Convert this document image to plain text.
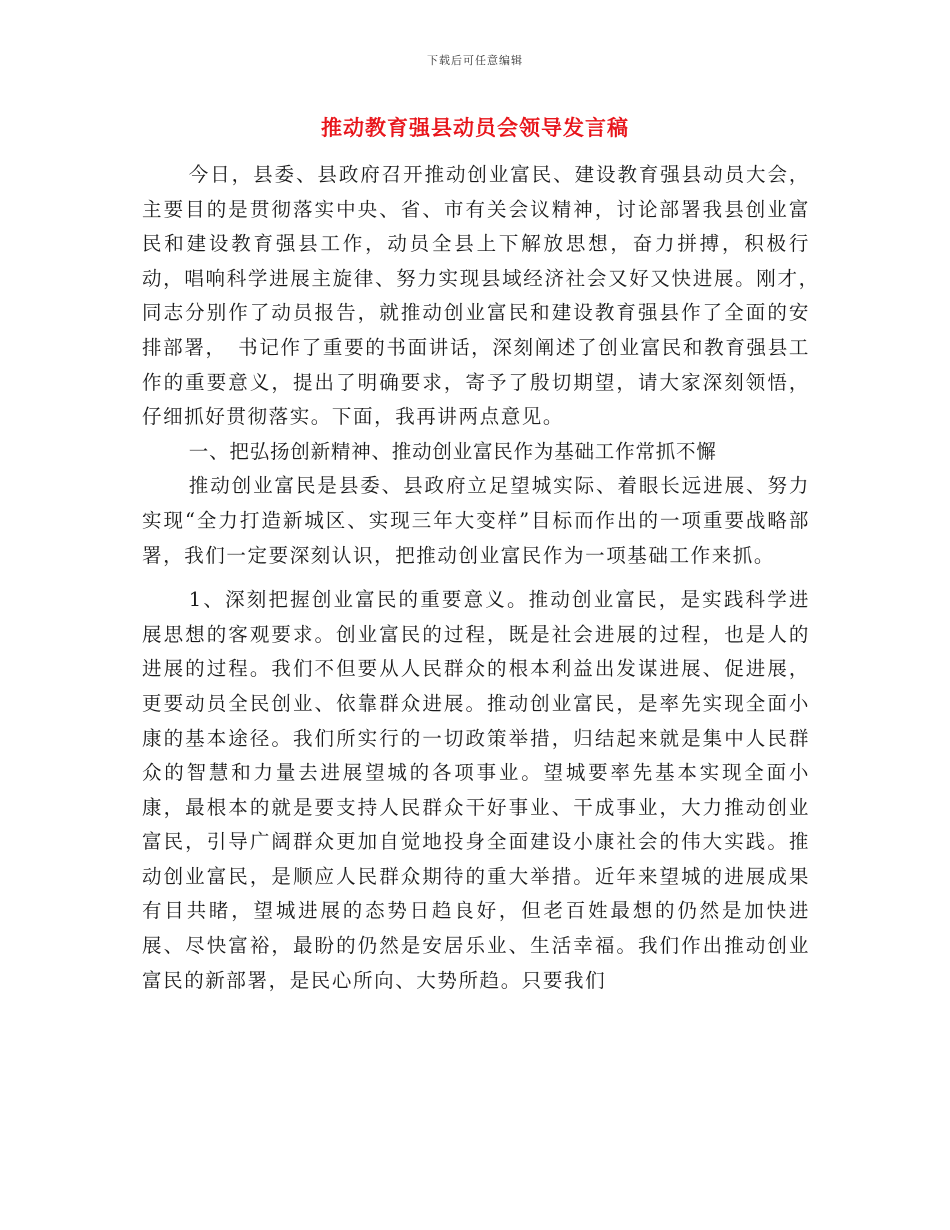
下载后可任意编辑
推动教育强县动员会领导发言稿

今日，县委、县政府召开推动创业富民、建设教育强县动员大会，主要目的是贯彻落实中央、省、市有关会议精神，讨论部署我县创业富民和建设教育强县工作，动员全县上下解放思想，奋力拼搏，积极行动，唱响科学进展主旋律、努力实现县域经济社会又好又快进展。刚才，　同志分别作了动员报告，就推动创业富民和建设教育强县作了全面的安排部署，　书记作了重要的书面讲话，深刻阐述了创业富民和教育强县工作的重要意义，提出了明确要求，寄予了殷切期望，请大家深刻领悟，仔细抓好贯彻落实。下面，我再讲两点意见。

一、把弘扬创新精神、推动创业富民作为基础工作常抓不懈

推动创业富民是县委、县政府立足望城实际、着眼长远进展、努力实现“全力打造新城区、实现三年大变样”目标而作出的一项重要战略部署，我们一定要深刻认识，把推动创业富民作为一项基础工作来抓。

1、深刻把握创业富民的重要意义。推动创业富民，是实践科学进展思想的客观要求。创业富民的过程，既是社会进展的过程，也是人的进展的过程。我们不但要从人民群众的根本利益出发谋进展、促进展，更要动员全民创业、依靠群众进展。推动创业富民，是率先实现全面小康的基本途径。我们所实行的一切政策举措，归结起来就是集中人民群众的智慧和力量去进展望城的各项事业。望城要率先基本实现全面小康，最根本的就是要支持人民群众干好事业、干成事业，大力推动创业富民，引导广阔群众更加自觉地投身全面建设小康社会的伟大实践。推动创业富民，是顺应人民群众期待的重大举措。近年来望城的进展成果有目共睹，望城进展的态势日趋良好，但老百姓最想的仍然是加快进展、尽快富裕，最盼的仍然是安居乐业、生活幸福。我们作出推动创业富民的新部署，是民心所向、大势所趋。只要我们
